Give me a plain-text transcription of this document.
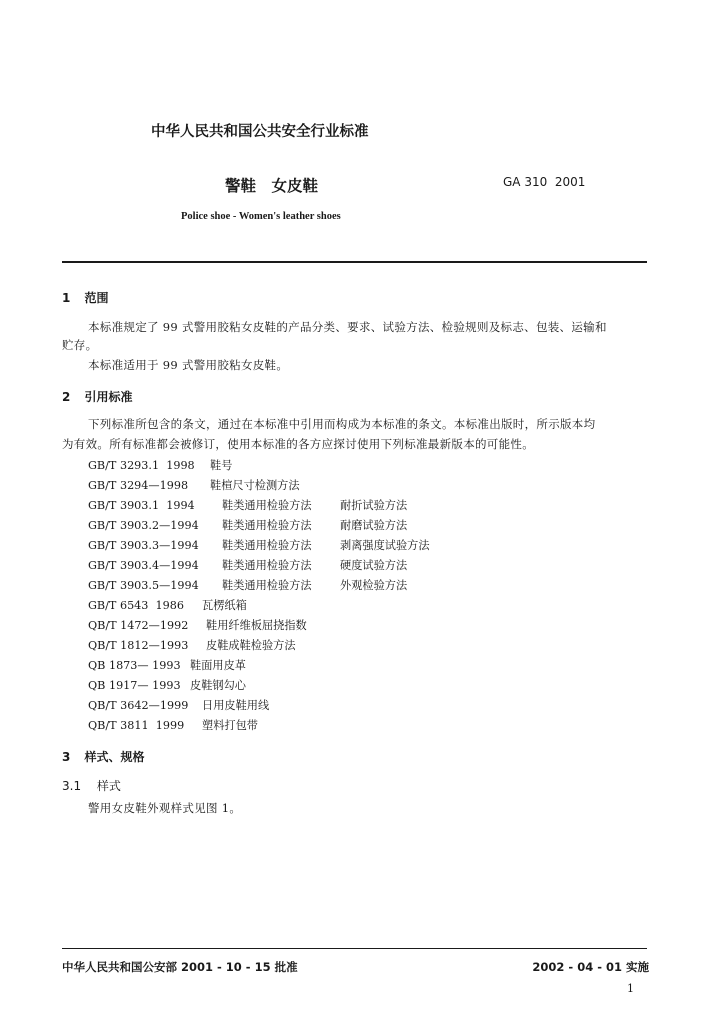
中华人民共和国公共安全行业标准
警鞋　女皮鞋	GA 310  2001
Police shoe - Women's leather shoes
1 范围
本标准规定了 99 式警用胶粘女皮鞋的产品分类、要求、试验方法、检验规则及标志、包装、运输和
贮存。
本标准适用于 99 式警用胶粘女皮鞋。
2 引用标准
下列标准所包含的条文，通过在本标准中引用而构成为本标准的条文。本标准出版时，所示版本均
为有效。所有标准都会被修订，使用本标准的各方应探讨使用下列标准最新版本的可能性。
GB/T 3293.1  1998 鞋号
GB/T 3294—1998 鞋楦尺寸检测方法
GB/T 3903.1  1994 鞋类通用检验方法	耐折试验方法
GB/T 3903.2—1994 鞋类通用检验方法	耐磨试验方法
GB/T 3903.3—1994 鞋类通用检验方法	剥离强度试验方法
GB/T 3903.4—1994 鞋类通用检验方法	硬度试验方法
GB/T 3903.5—1994 鞋类通用检验方法	外观检验方法
GB/T 6543  1986 瓦楞纸箱
QB/T 1472—1992 鞋用纤维板屈挠指数
QB/T 1812—1993 皮鞋成鞋检验方法
QB 1873— 1993 鞋面用皮革
QB 1917— 1993 皮鞋钢勾心
QB/T 3642—1999 日用皮鞋用线
QB/T 3811  1999 塑料打包带
3 样式、规格
3.1 样式
警用女皮鞋外观样式见图 1。
中华人民共和国公安部 2001 - 10 - 15 批准	2002 - 04 - 01 实施
1
